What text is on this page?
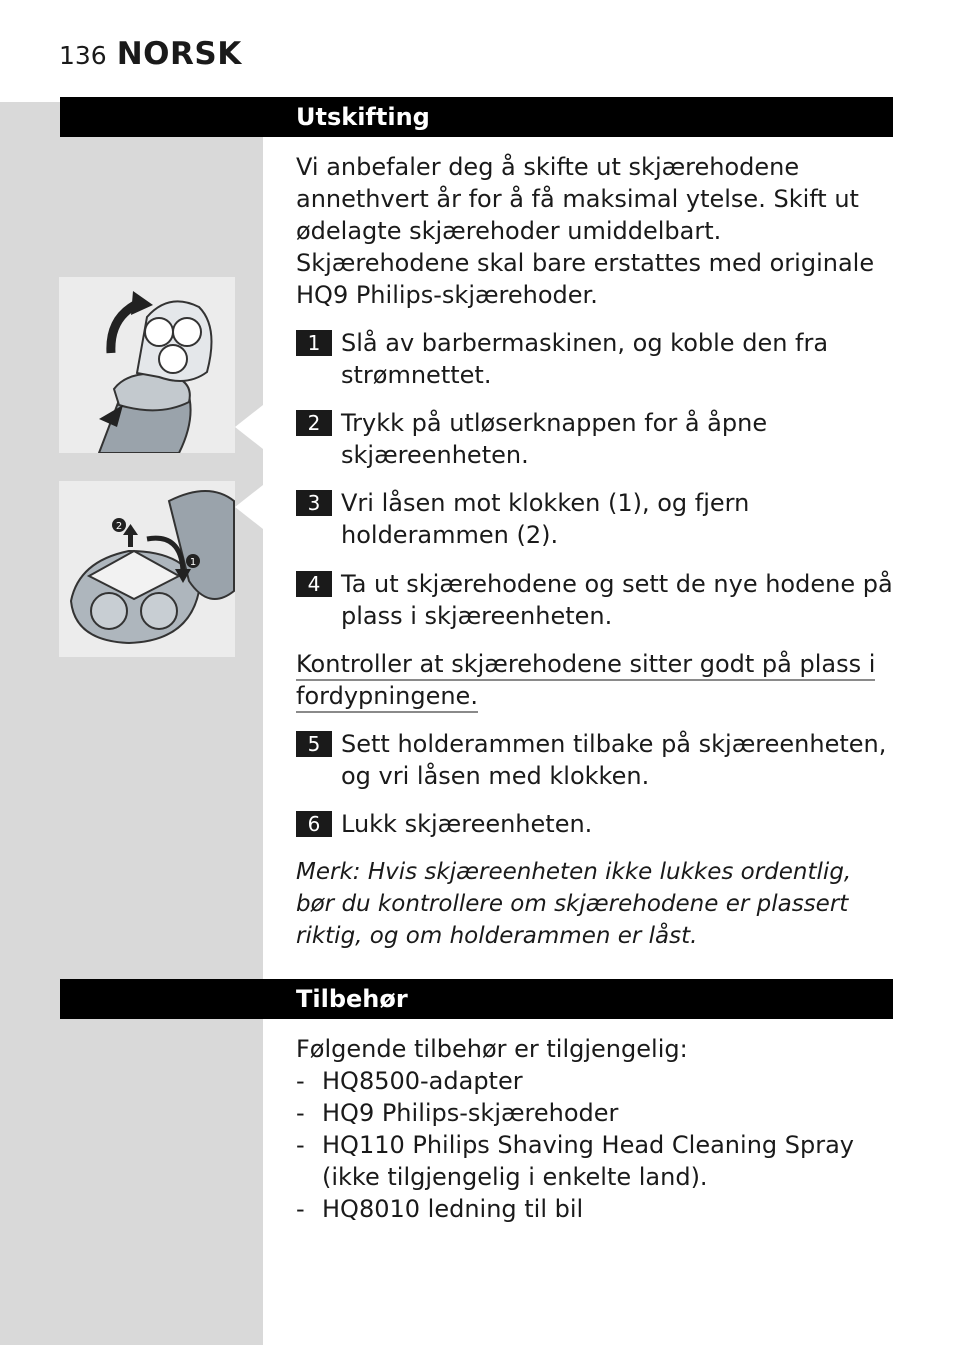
136 NORSK
Utskifting

Vi anbefaler deg å skifte ut skjærehodene annethvert år for å få maksimal ytelse. Skift ut ødelagte skjærehoder umiddelbart.

Skjærehodene skal bare erstattes med originale HQ9 Philips-skjærehoder.

2
1
1 Slå av barbermaskinen, og koble den fra strømnettet.
2 Trykk på utløserknappen for å åpne skjæreenheten.
3 Vri låsen mot klokken (1), og fjern holderammen (2).
4 Ta ut skjærehodene og sett de nye hodene på plass i skjæreenheten.
Kontroller at skjærehodene sitter godt på plass i fordypningene.
5 Sett holderammen tilbake på skjæreenheten, og vri låsen med klokken.
6 Lukk skjæreenheten.
Merk: Hvis skjæreenheten ikke lukkes ordentlig, bør du kontrollere om skjærehodene er plassert riktig, og om holderammen er låst.
Tilbehør

Følgende tilbehør er tilgjengelig:

- HQ8500-adapter
- HQ9 Philips-skjærehoder
- HQ110 Philips Shaving Head Cleaning Spray (ikke tilgjengelig i enkelte land).
- HQ8010 ledning til bil
